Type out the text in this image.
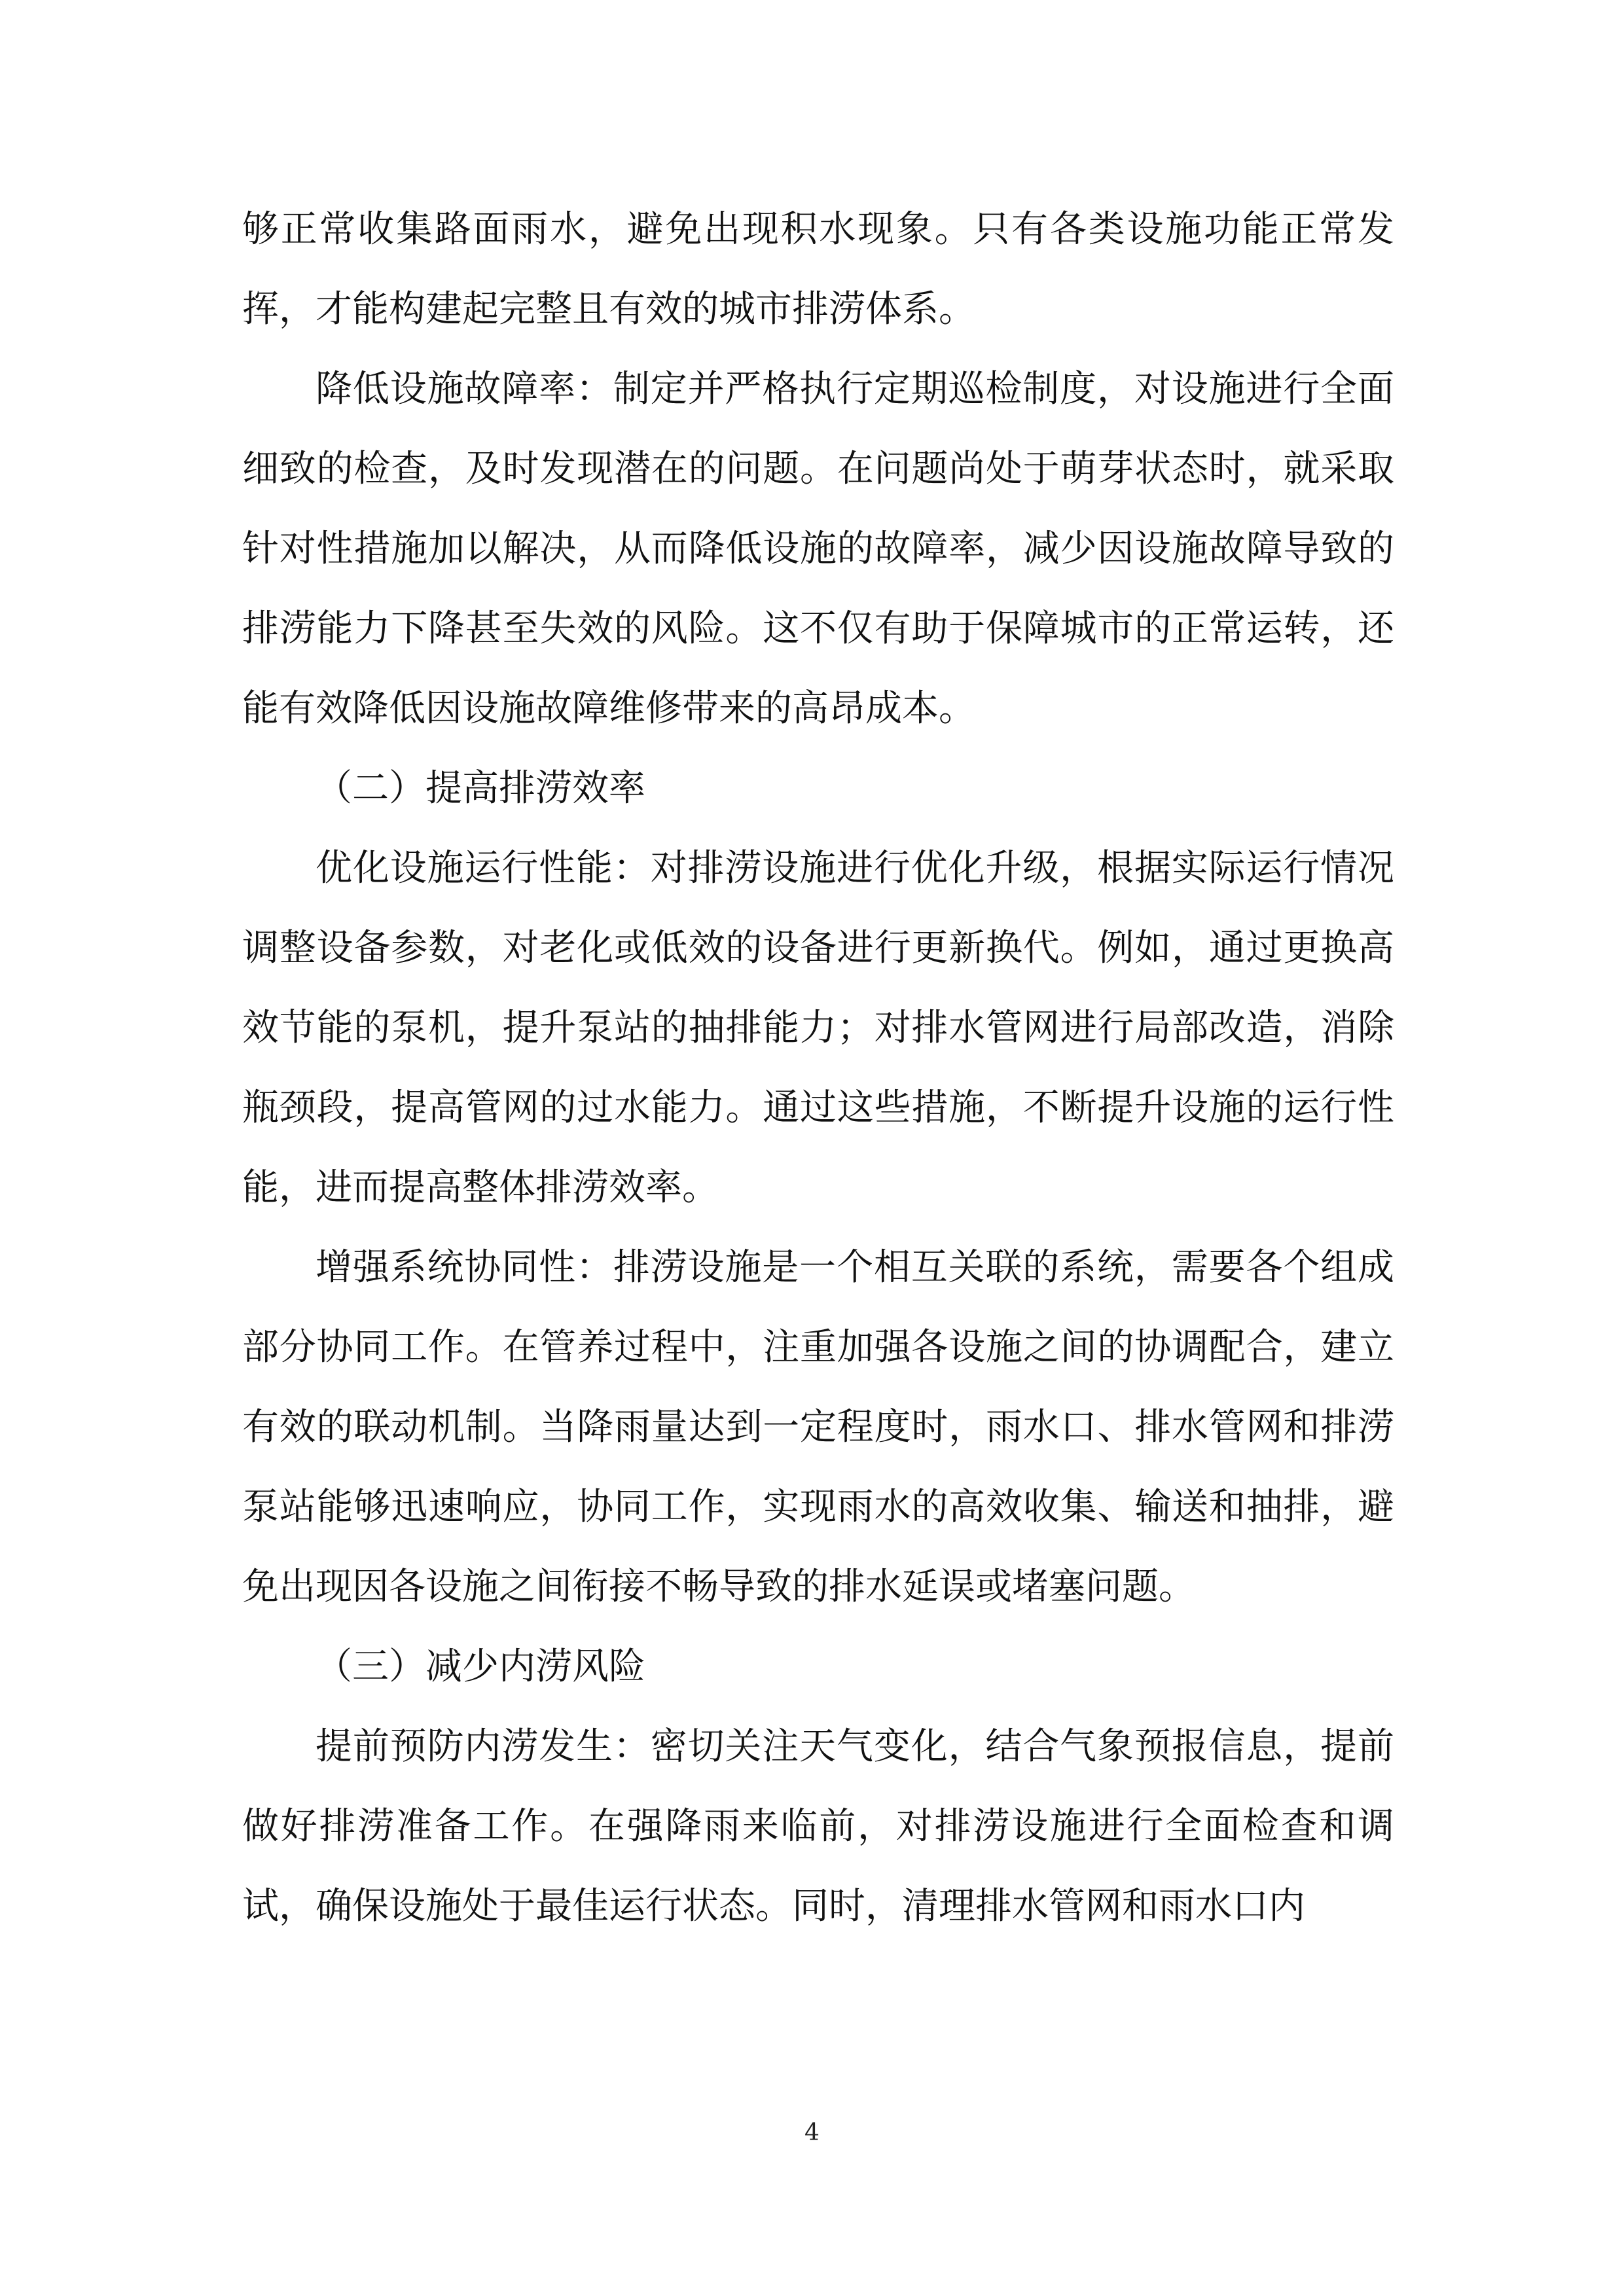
够正常收集路面雨水，避免出现积水现象。只有各类设施功能正常发挥，才能构建起完整且有效的城市排涝体系。

降低设施故障率：制定并严格执行定期巡检制度，对设施进行全面细致的检查，及时发现潜在的问题。在问题尚处于萌芽状态时，就采取针对性措施加以解决，从而降低设施的故障率，减少因设施故障导致的排涝能力下降甚至失效的风险。这不仅有助于保障城市的正常运转，还能有效降低因设施故障维修带来的高昂成本。

（二）提高排涝效率

优化设施运行性能：对排涝设施进行优化升级，根据实际运行情况调整设备参数，对老化或低效的设备进行更新换代。例如，通过更换高效节能的泵机，提升泵站的抽排能力；对排水管网进行局部改造，消除瓶颈段，提高管网的过水能力。通过这些措施，不断提升设施的运行性能，进而提高整体排涝效率。

增强系统协同性：排涝设施是一个相互关联的系统，需要各个组成部分协同工作。在管养过程中，注重加强各设施之间的协调配合，建立有效的联动机制。当降雨量达到一定程度时，雨水口、排水管网和排涝泵站能够迅速响应，协同工作，实现雨水的高效收集、输送和抽排，避免出现因各设施之间衔接不畅导致的排水延误或堵塞问题。

（三）减少内涝风险

提前预防内涝发生：密切关注天气变化，结合气象预报信息，提前做好排涝准备工作。在强降雨来临前，对排涝设施进行全面检查和调试，确保设施处于最佳运行状态。同时，清理排水管网和雨水口内

4
